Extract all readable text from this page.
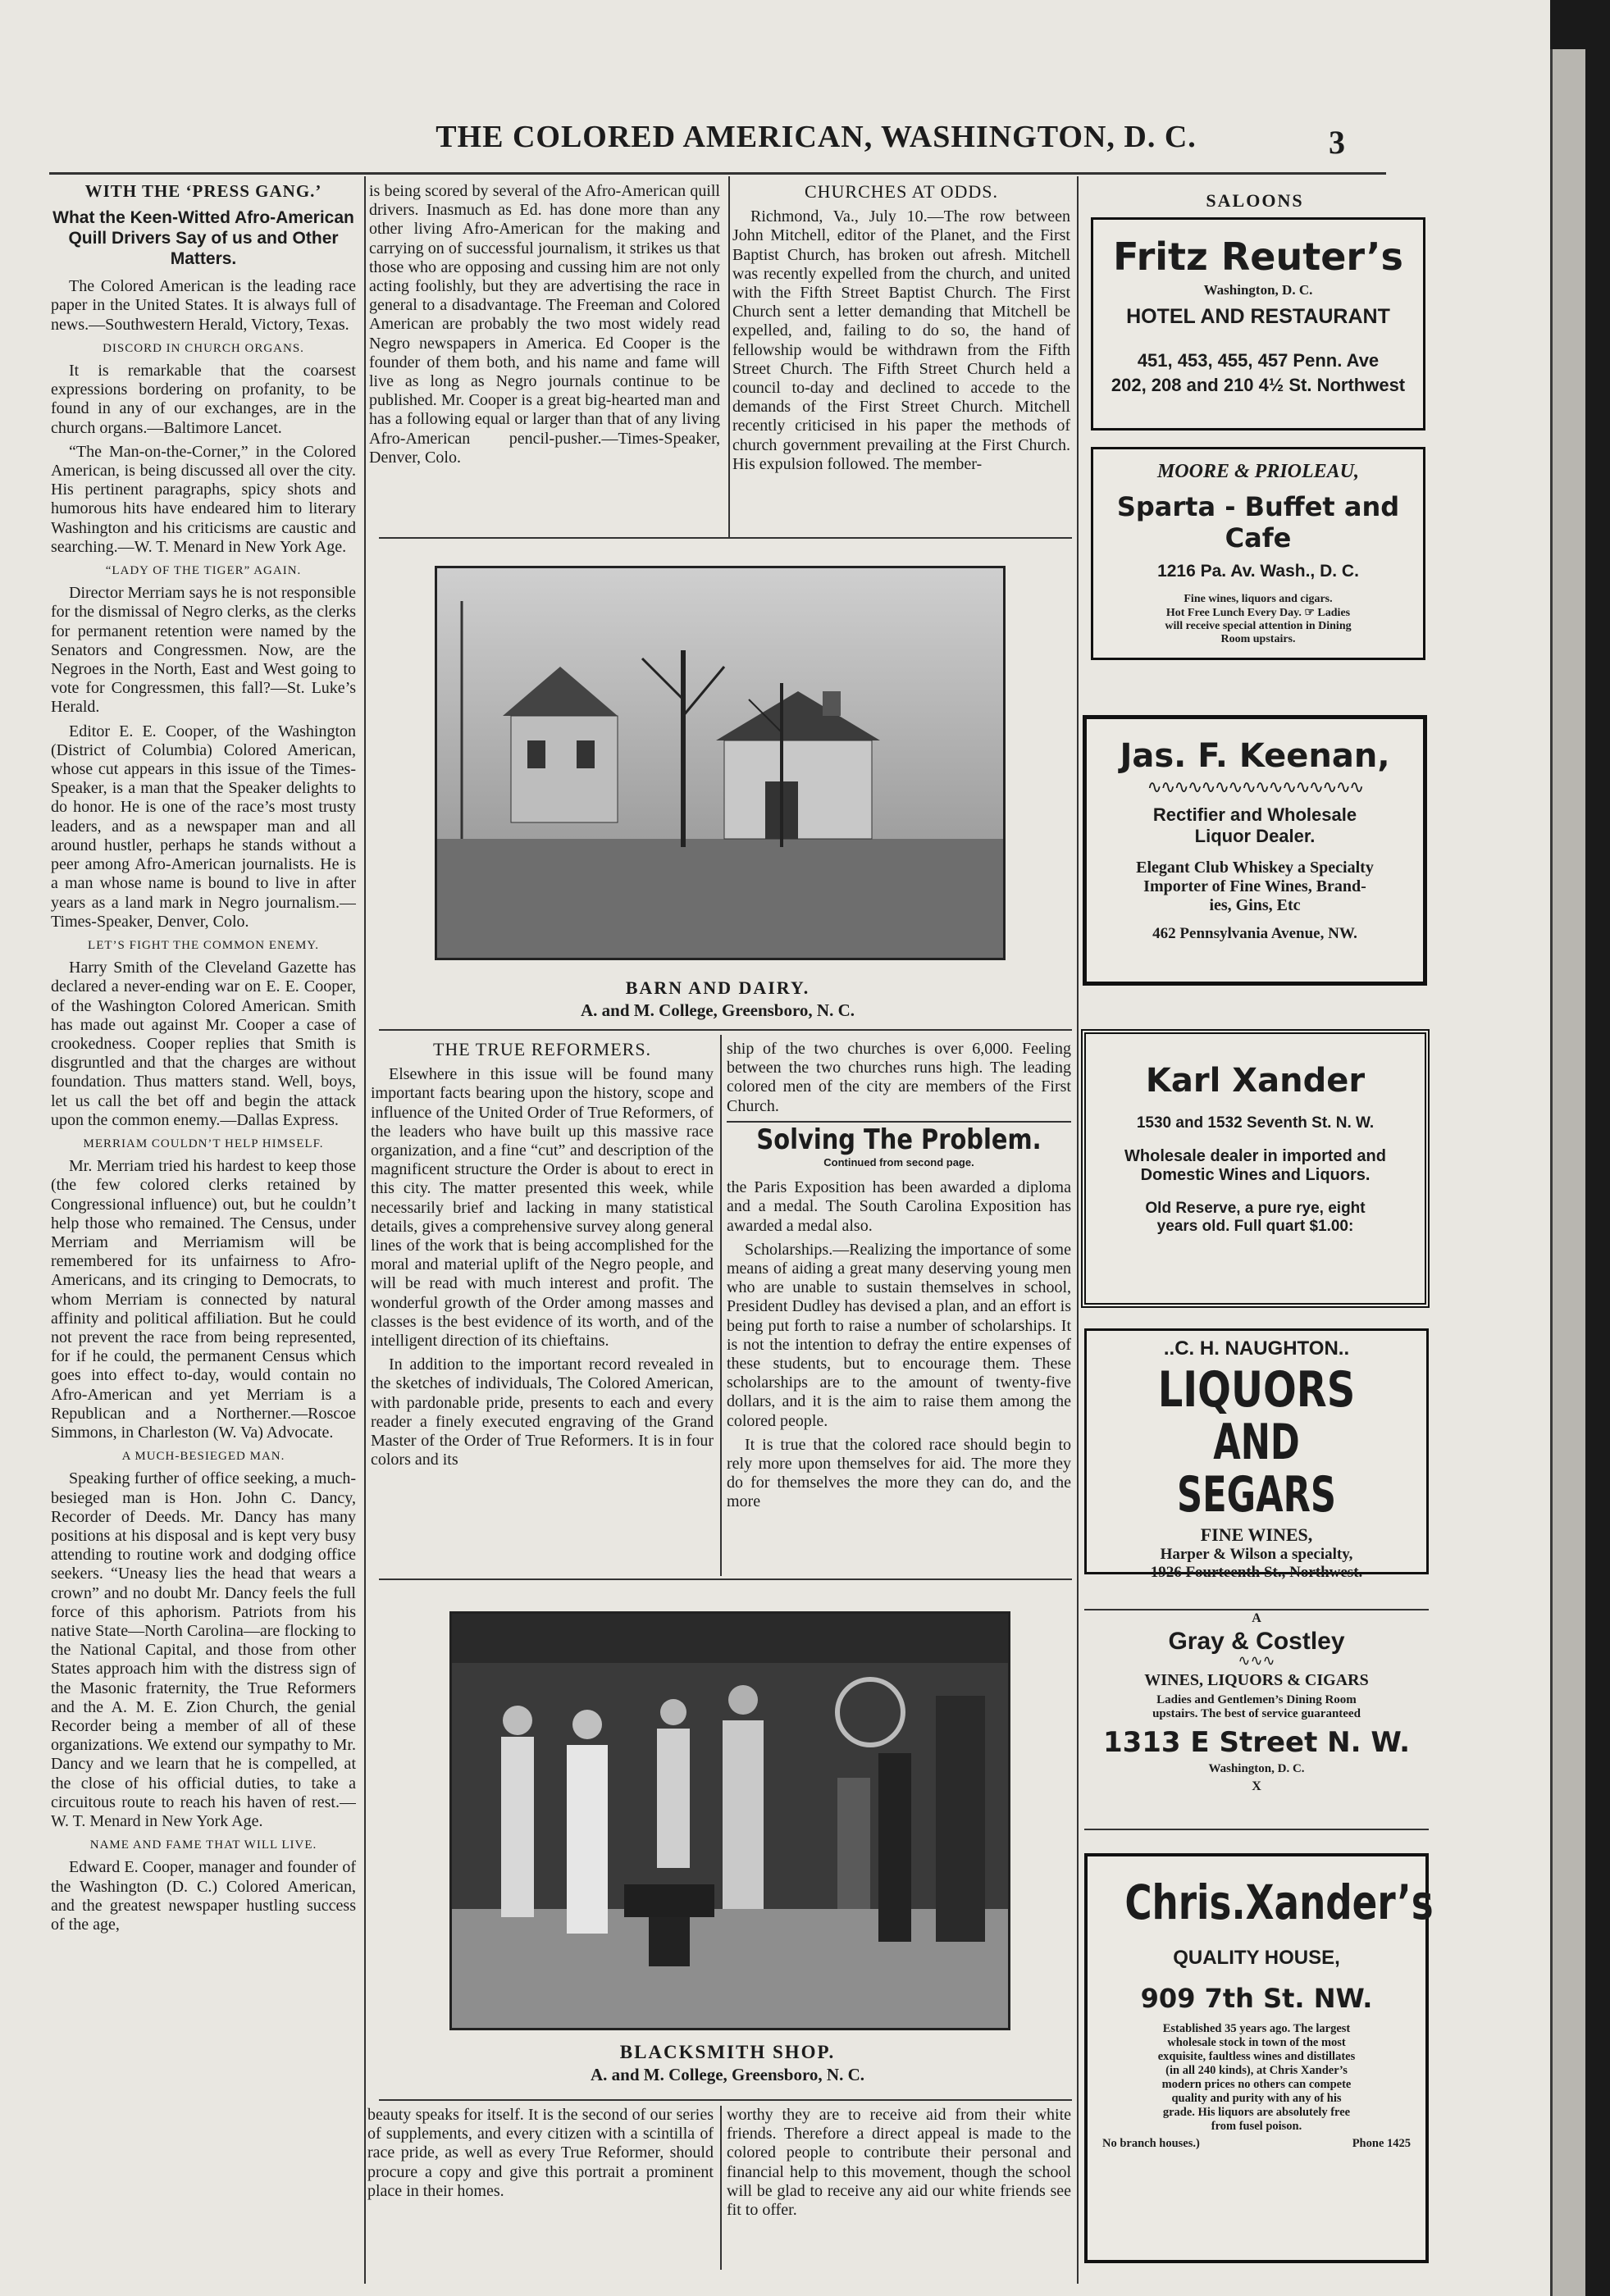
THE COLORED AMERICAN, WASHINGTON, D. C.	3
WITH THE ‘PRESS GANG.’
What the Keen-Witted Afro-American Quill Drivers Say of us and Other Matters.

The Colored American is the leading race paper in the United States. It is always full of news.—Southwestern Herald, Victory, Texas.

DISCORD IN CHURCH ORGANS.

It is remarkable that the coarsest expressions bordering on profanity, to be found in any of our exchanges, are in the church organs.—Baltimore Lancet.

“The Man-on-the-Corner,” in the Colored American, is being discussed all over the city. His pertinent paragraphs, spicy shots and humorous hits have endeared him to literary Washington and his criticisms are caustic and searching.—W. T. Menard in New York Age.

“LADY OF THE TIGER” AGAIN.

Director Merriam says he is not responsible for the dismissal of Negro clerks, as the clerks for permanent retention were named by the Senators and Congressmen. Now, are the Negroes in the North, East and West going to vote for Congressmen, this fall?—St. Luke’s Herald.

Editor E. E. Cooper, of the Washington (District of Columbia) Colored American, whose cut appears in this issue of the Times-Speaker, is a man that the Speaker delights to do honor. He is one of the race’s most trusty leaders, and as a newspaper man and all around hustler, perhaps he stands without a peer among Afro-American journalists. He is a man whose name is bound to live in after years as a land mark in Negro journalism.—Times-Speaker, Denver, Colo.

LET’S FIGHT THE COMMON ENEMY.

Harry Smith of the Cleveland Gazette has declared a never-ending war on E. E. Cooper, of the Washington Colored American. Smith has made out against Mr. Cooper a case of crookedness. Cooper replies that Smith is disgruntled and that the charges are without foundation. Thus matters stand. Well, boys, let us call the bet off and begin the attack upon the common enemy.—Dallas Express.

MERRIAM COULDN’T HELP HIMSELF.

Mr. Merriam tried his hardest to keep those (the few colored clerks retained by Congressional influence) out, but he couldn’t help those who remained. The Census, under Merriam and Merriamism will be remembered for its unfairness to Afro-Americans, and its cringing to Democrats, to whom Merriam is connected by natural affinity and political affiliation. But he could not prevent the race from being represented, for if he could, the permanent Census which goes into effect to-day, would contain no Afro-American and yet Merriam is a Republican and a Northerner.—Roscoe Simmons, in Charleston (W. Va) Advocate.

A MUCH-BESIEGED MAN.

Speaking further of office seeking, a much-besieged man is Hon. John C. Dancy, Recorder of Deeds. Mr. Dancy has many positions at his disposal and is kept very busy attending to routine work and dodging office seekers. “Uneasy lies the head that wears a crown” and no doubt Mr. Dancy feels the full force of this aphorism. Patriots from his native State—North Carolina—are flocking to the National Capital, and those from other States approach him with the distress sign of the Masonic fraternity, the True Reformers and the A. M. E. Zion Church, the genial Recorder being a member of all of these organizations. We extend our sympathy to Mr. Dancy and we learn that he is compelled, at the close of his official duties, to take a circuitous route to reach his haven of rest.—W. T. Menard in New York Age.

NAME AND FAME THAT WILL LIVE.

Edward E. Cooper, manager and founder of the Washington (D. C.) Colored American, and the greatest newspaper hustling success of the age,

is being scored by several of the Afro-American quill drivers. Inasmuch as Ed. has done more than any other living Afro-American for the making and carrying on of successful journalism, it strikes us that those who are opposing and cussing him are not only acting foolishly, but they are advertising the race in general to a disadvantage. The Freeman and Colored American are probably the two most widely read Negro newspapers in America. Ed Cooper is the founder of them both, and his name and fame will live as long as Negro journals continue to be published. Mr. Cooper is a great big-hearted man and has a following equal or larger than that of any living Afro-American pencil-pusher.—Times-Speaker, Denver, Colo.

CHURCHES AT ODDS.

Richmond, Va., July 10.—The row between John Mitchell, editor of the Planet, and the First Baptist Church, has broken out afresh. Mitchell was recently expelled from the church, and united with the Fifth Street Baptist Church. The First Church sent a letter demanding that Mitchell be expelled, and, failing to do so, the hand of fellowship would be withdrawn from the Fifth Street Church. The Fifth Street Church held a council to-day and declined to accede to the demands of the First Street Church. Mitchell recently criticised in his paper the methods of church government prevailing at the First Church. His expulsion followed. The member-

BARN AND DAIRY.
A. and M. College, Greensboro, N. C.
THE TRUE REFORMERS.

Elsewhere in this issue will be found many important facts bearing upon the history, scope and influence of the United Order of True Reformers, of the leaders who have built up this massive race organization, and a fine “cut” and description of the magnificent structure the Order is about to erect in this city. The matter presented this week, while necessarily brief and lacking in many statistical details, gives a comprehensive survey along general lines of the work that is being accomplished for the moral and material uplift of the Negro people, and will be read with much interest and profit. The wonderful growth of the Order among masses and classes is the best evidence of its worth, and of the intelligent direction of its chieftains.

In addition to the important record revealed in the sketches of individuals, The Colored American, with pardonable pride, presents to each and every reader a finely executed engraving of the Grand Master of the Order of True Reformers. It is in four colors and its

ship of the two churches is over 6,000. Feeling between the two churches runs high. The leading colored men of the city are members of the First Church.

Solving The Problem.
Continued from second page.

the Paris Exposition has been awarded a diploma and a medal. The South Carolina Exposition has awarded a medal also.

Scholarships.—Realizing the importance of some means of aiding a great many deserving young men who are unable to sustain themselves in school, President Dudley has devised a plan, and an effort is being put forth to raise a number of scholarships. It is not the intention to defray the entire expenses of these students, but to encourage them. These scholarships are to the amount of twenty-five dollars, and it is the aim to raise them among the colored people.

It is true that the colored race should begin to rely more upon themselves for aid. The more they do for themselves the more they can do, and the more

BLACKSMITH SHOP.
A. and M. College, Greensboro, N. C.

beauty speaks for itself. It is the second of our series of supplements, and every citizen with a scintilla of race pride, as well as every True Reformer, should procure a copy and give this portrait a prominent place in their homes.

worthy they are to receive aid from their white friends. Therefore a direct appeal is made to the colored people to contribute their personal and financial help to this movement, though the school will be glad to receive any aid our white friends see fit to offer.

SALOONS
Fritz Reuter’s
Washington, D. C.
HOTEL AND RESTAURANT
451, 453, 455, 457 Penn. Ave
202, 208 and 210 4½ St. Northwest
MOORE & PRIOLEAU,
Sparta - Buffet and Cafe
1216 Pa. Av. Wash., D. C.
Fine wines, liquors and cigars.
Hot Free Lunch Every Day. ☞ Ladies
will receive special attention in Dining
Room upstairs.
Jas. F. Keenan,
∿∿∿∿∿∿∿∿∿∿∿∿∿∿∿∿
Rectifier and Wholesale
Liquor Dealer.
Elegant Club Whiskey a Specialty
Importer of Fine Wines, Brand-
ies, Gins, Etc
462 Pennsylvania Avenue, NW.
Karl Xander
1530 and 1532 Seventh St. N. W.
Wholesale dealer in imported and
Domestic Wines and Liquors.
Old Reserve, a pure rye, eight
years old. Full quart $1.00:
..C. H. NAUGHTON..
LIQUORS
AND SEGARS
FINE WINES,
Harper & Wilson a specialty,
1926 Fourteenth St., Northwest.
A
Gray & Costley
∿∿∿
WINES, LIQUORS & CIGARS
Ladies and Gentlemen’s Dining Room
upstairs. The best of service guaranteed
1313 E Street N. W.
Washington, D. C.
X
Chris.Xander’s
QUALITY HOUSE,
909 7th St. NW.
Established 35 years ago. The largest
wholesale stock in town of the most
exquisite, faultless wines and distillates
(in all 240 kinds), at Chris Xander’s
modern prices no others can compete
quality and purity with any of his
grade. His liquors are absolutely free
from fusel poison.
No branch houses.)	Phone 1425
